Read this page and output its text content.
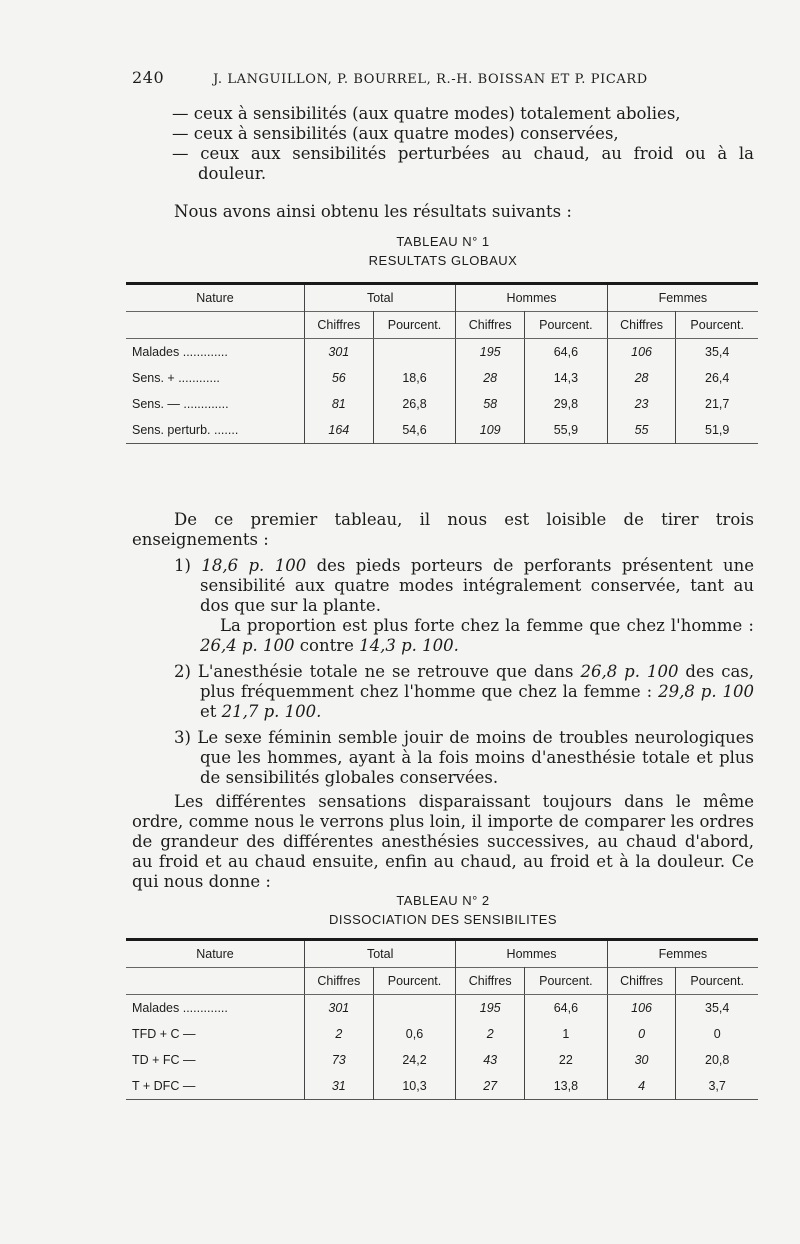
240	J. LANGUILLON, P. BOURREL, R.-H. BOISSAN ET P. PICARD
— ceux à sensibilités (aux quatre modes) totalement abolies,
— ceux à sensibilités (aux quatre modes) conservées,
— ceux aux sensibilités perturbées au chaud, au froid ou à la douleur.
Nous avons ainsi obtenu les résultats suivants :
TABLEAU N° 1
RESULTATS GLOBAUX
Nature	Total		Hommes		Femmes	
	Chiffres	Pourcent.	Chiffres	Pourcent.	Chiffres	Pourcent.
Malades .............	301		195	64,6	106	35,4
Sens. + ............	56	18,6	28	14,3	28	26,4
Sens. — .............	81	26,8	58	29,8	23	21,7
Sens. perturb. .......	164	54,6	109	55,9	55	51,9
De ce premier tableau, il nous est loisible de tirer trois enseignements :
1) 18,6 p. 100 des pieds porteurs de perforants présentent une sensibilité aux quatre modes intégralement conservée, tant au dos que sur la plante.
La proportion est plus forte chez la femme que chez l'homme : 26,4 p. 100 contre 14,3 p. 100.
2) L'anesthésie totale ne se retrouve que dans 26,8 p. 100 des cas, plus fréquemment chez l'homme que chez la femme : 29,8 p. 100 et 21,7 p. 100.
3) Le sexe féminin semble jouir de moins de troubles neurologiques que les hommes, ayant à la fois moins d'anesthésie totale et plus de sensibilités globales conservées.
Les différentes sensations disparaissant toujours dans le même ordre, comme nous le verrons plus loin, il importe de comparer les ordres de grandeur des différentes anesthésies successives, au chaud d'abord, au froid et au chaud ensuite, enfin au chaud, au froid et à la douleur. Ce qui nous donne :
TABLEAU N° 2
DISSOCIATION DES SENSIBILITES
Nature	Total		Hommes		Femmes	
	Chiffres	Pourcent.	Chiffres	Pourcent.	Chiffres	Pourcent.
Malades .............	301		195	64,6	106	35,4
TFD + C —	2	0,6	2	1	0	0
TD + FC —	73	24,2	43	22	30	20,8
T + DFC —	31	10,3	27	13,8	4	3,7
